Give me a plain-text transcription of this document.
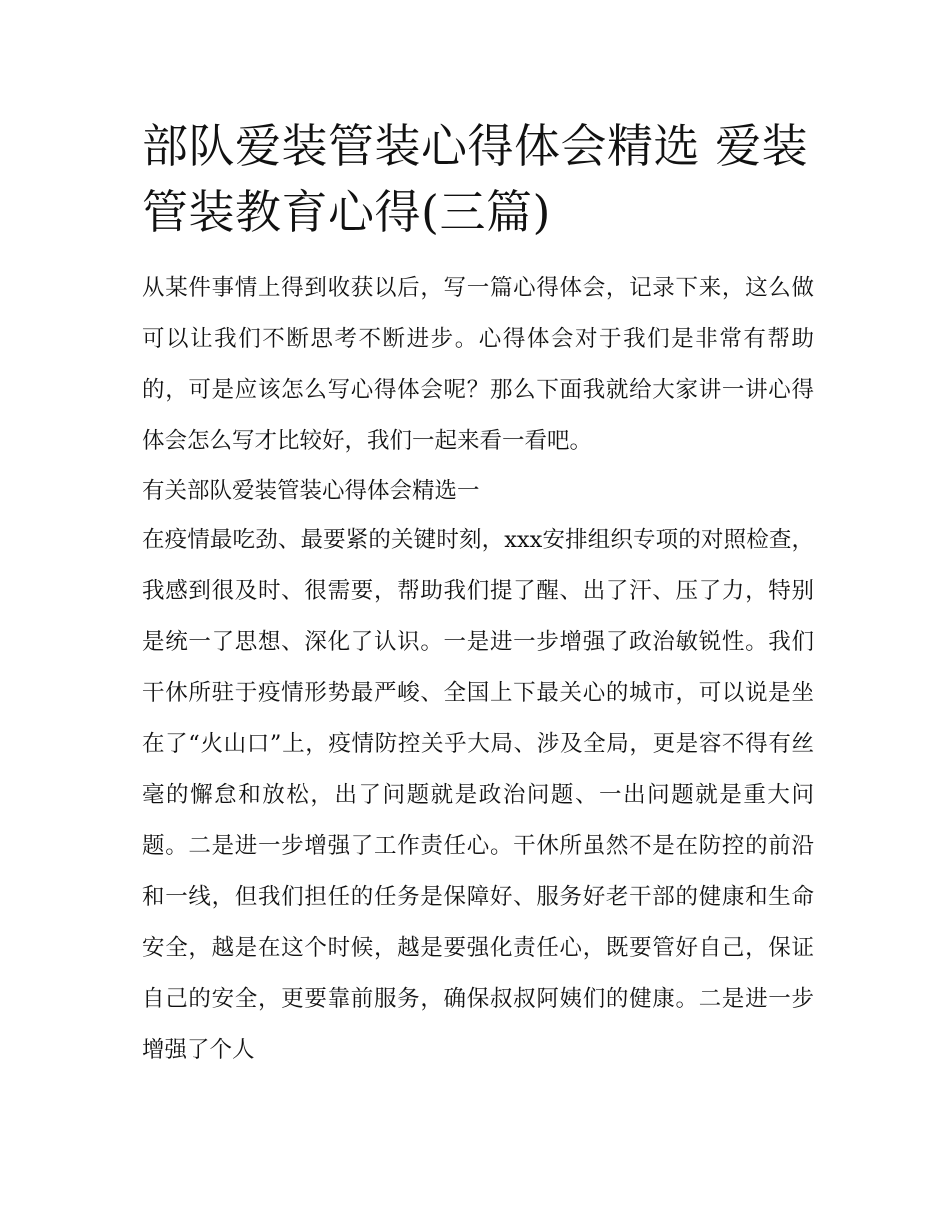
部队爱装管装心得体会精选 爱装管装教育心得(三篇)

从某件事情上得到收获以后，写一篇心得体会，记录下来，这么做可以让我们不断思考不断进步。心得体会对于我们是非常有帮助的，可是应该怎么写心得体会呢？那么下面我就给大家讲一讲心得体会怎么写才比较好，我们一起来看一看吧。

有关部队爱装管装心得体会精选一

在疫情最吃劲、最要紧的关键时刻，xxx安排组织专项的对照检查，我感到很及时、很需要，帮助我们提了醒、出了汗、压了力，特别是统一了思想、深化了认识。一是进一步增强了政治敏锐性。我们干休所驻于疫情形势最严峻、全国上下最关心的城市，可以说是坐在了“火山口”上，疫情防控关乎大局、涉及全局，更是容不得有丝毫的懈怠和放松，出了问题就是政治问题、一出问题就是重大问题。二是进一步增强了工作责任心。干休所虽然不是在防控的前沿和一线，但我们担任的任务是保障好、服务好老干部的健康和生命安全，越是在这个时候，越是要强化责任心，既要管好自己，保证自己的安全，更要靠前服务，确保叔叔阿姨们的健康。二是进一步增强了个人
